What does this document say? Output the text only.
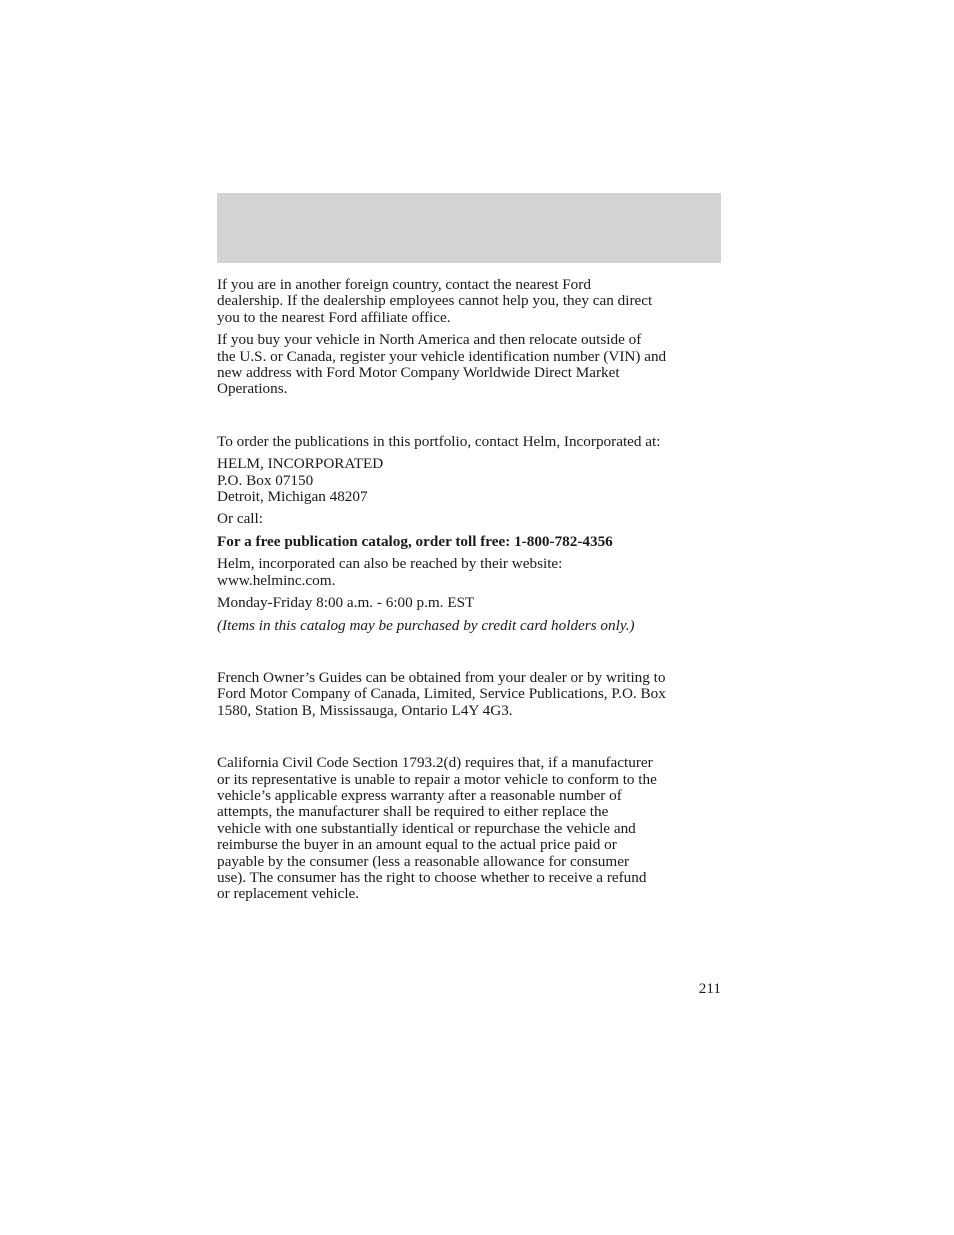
If you are in another foreign country, contact the nearest Ford
dealership. If the dealership employees cannot help you, they can direct
you to the nearest Ford affiliate office.

If you buy your vehicle in North America and then relocate outside of
the U.S. or Canada, register your vehicle identification number (VIN) and
new address with Ford Motor Company Worldwide Direct Market
Operations.

To order the publications in this portfolio, contact Helm, Incorporated at:

HELM, INCORPORATED
P.O. Box 07150
Detroit, Michigan 48207

Or call:

For a free publication catalog, order toll free: 1-800-782-4356

Helm, incorporated can also be reached by their website:
www.helminc.com.

Monday-Friday 8:00 a.m. - 6:00 p.m. EST

(Items in this catalog may be purchased by credit card holders only.)

French Owner’s Guides can be obtained from your dealer or by writing to
Ford Motor Company of Canada, Limited, Service Publications, P.O. Box
1580, Station B, Mississauga, Ontario L4Y 4G3.

California Civil Code Section 1793.2(d) requires that, if a manufacturer
or its representative is unable to repair a motor vehicle to conform to the
vehicle’s applicable express warranty after a reasonable number of
attempts, the manufacturer shall be required to either replace the
vehicle with one substantially identical or repurchase the vehicle and
reimburse the buyer in an amount equal to the actual price paid or
payable by the consumer (less a reasonable allowance for consumer
use). The consumer has the right to choose whether to receive a refund
or replacement vehicle.

211
